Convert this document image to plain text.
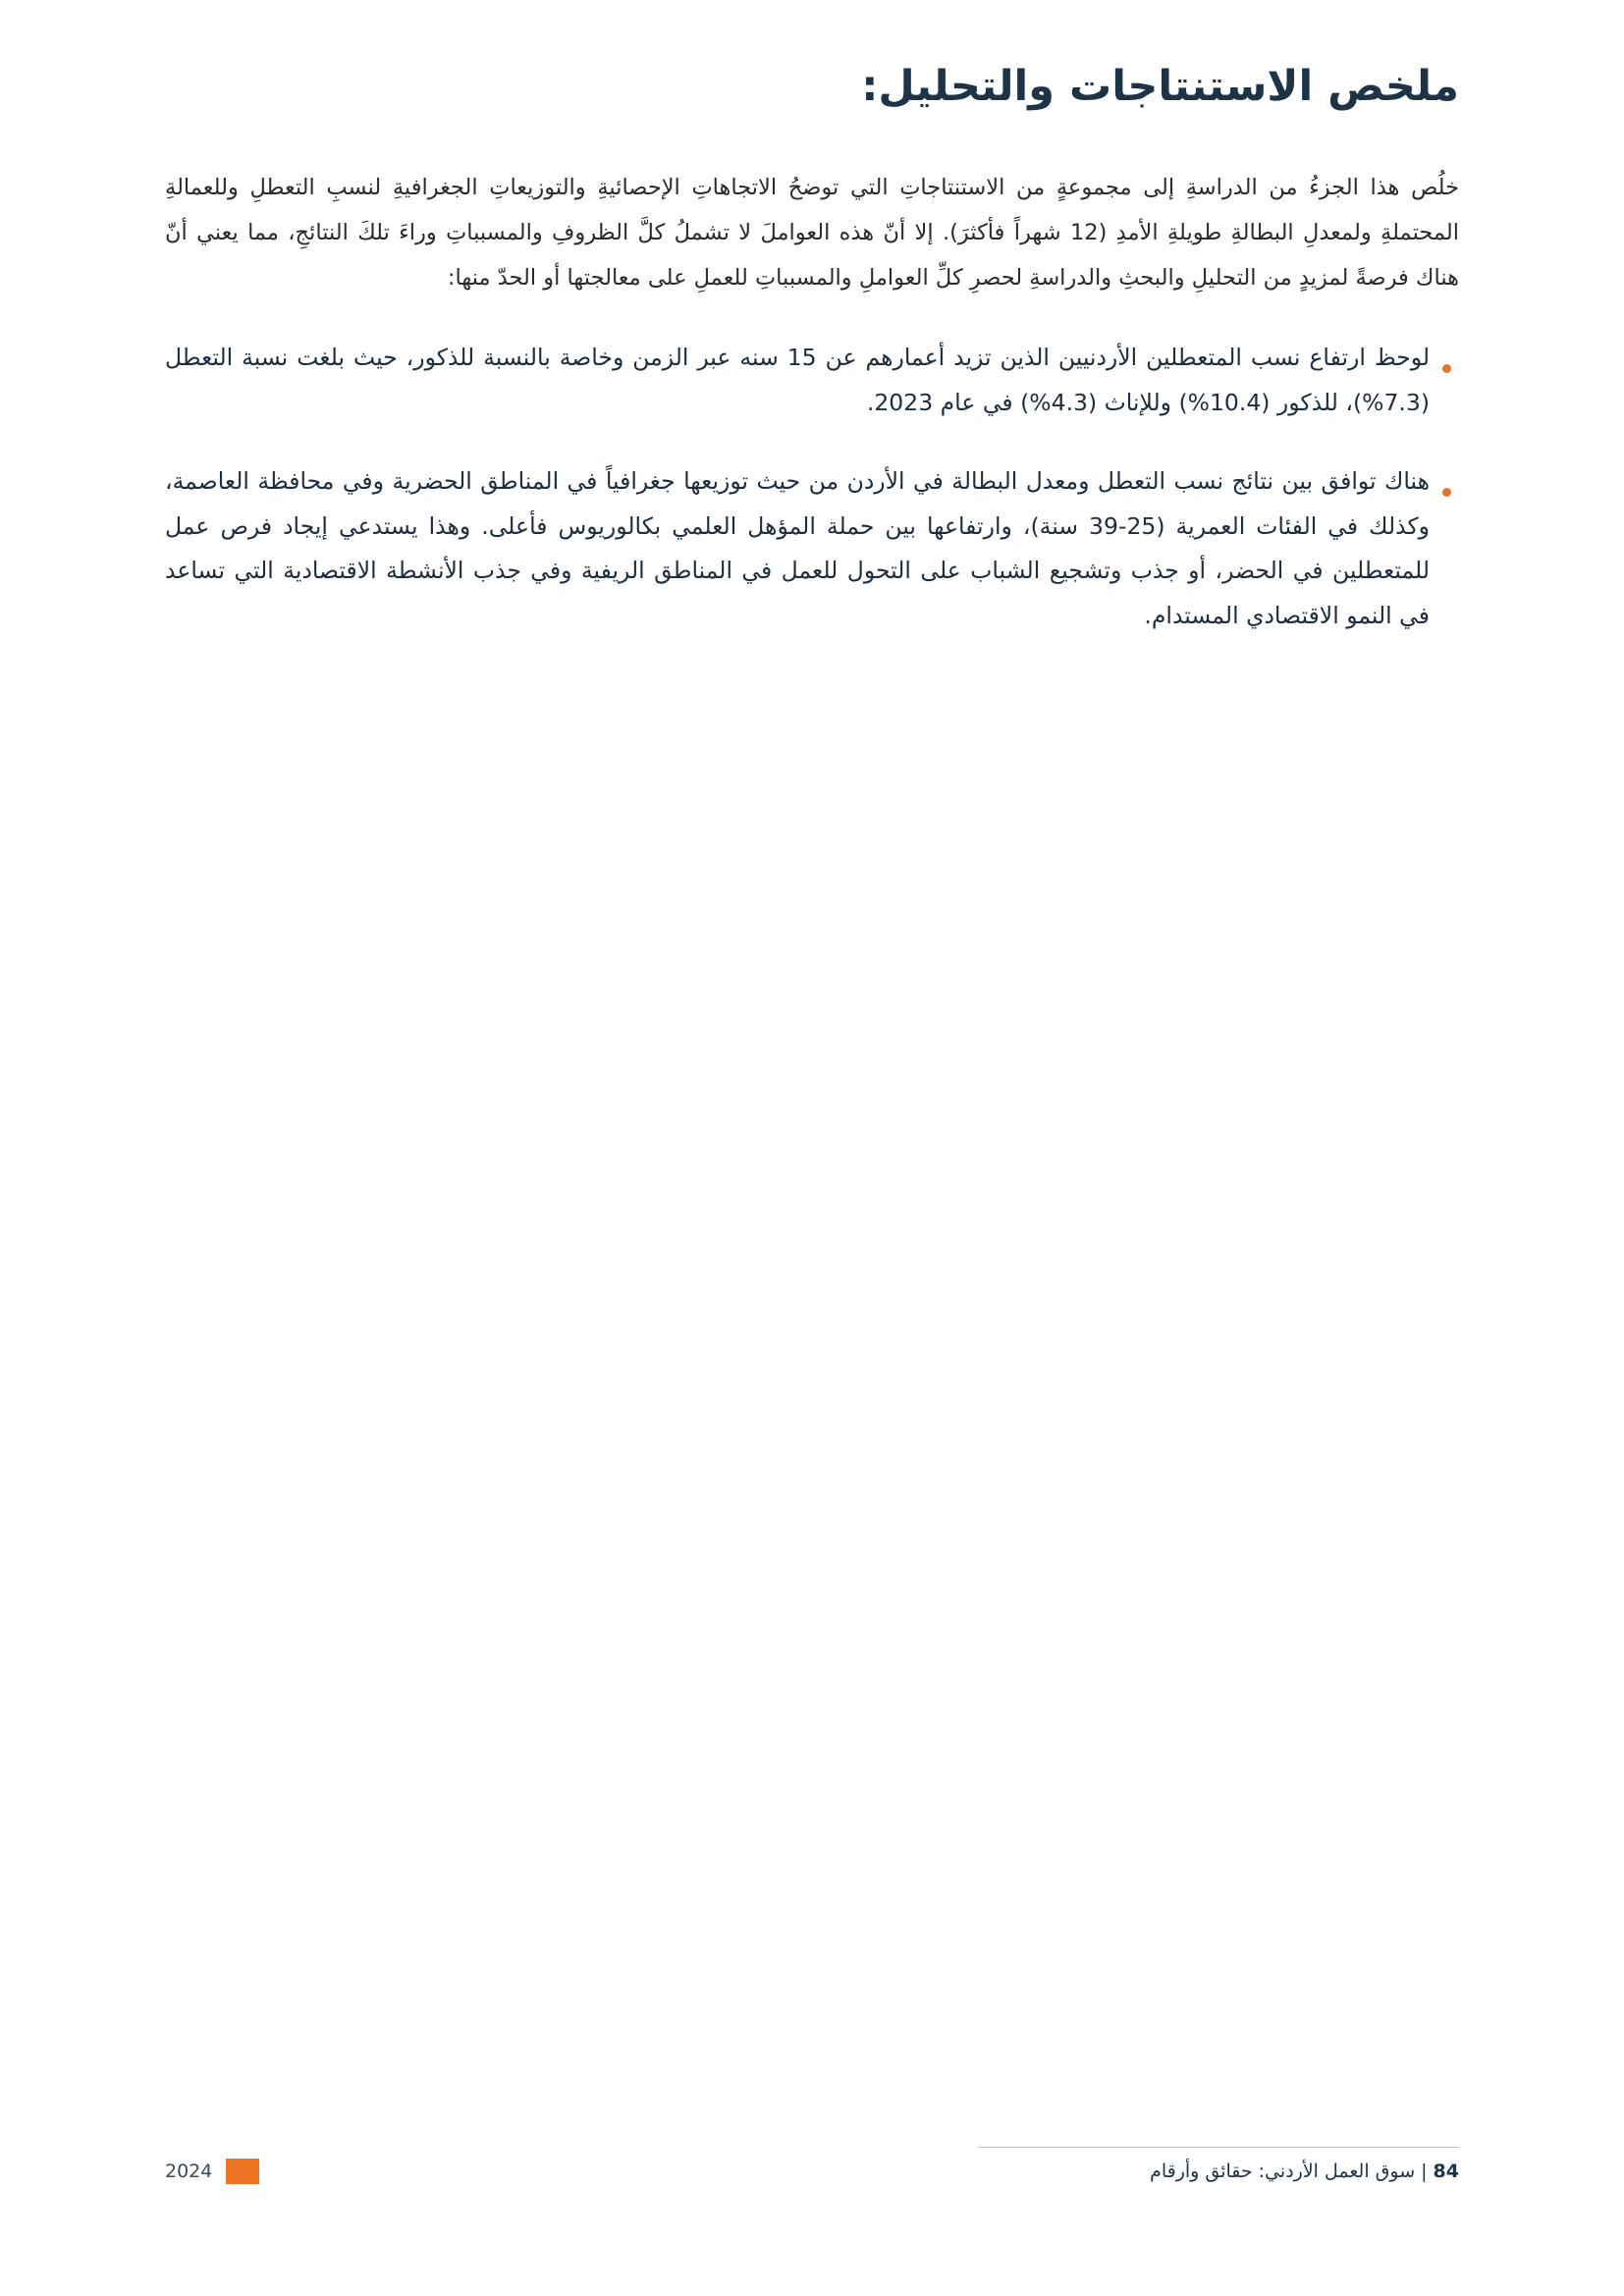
ملخص الاستنتاجات والتحليل:

خلُص هذا الجزءُ من الدراسةِ إلى مجموعةٍ من الاستنتاجاتِ التي توضحُ الاتجاهاتِ الإحصائيةِ والتوزيعاتِ الجغرافيةِ لنسبِ التعطلِ وللعمالةِ المحتملةِ ولمعدلِ البطالةِ طويلةِ الأمدِ (12 شهراً فأكثرَ). إلا أنّ هذه العواملَ لا تشملُ كلَّ الظروفِ والمسبباتِ وراءَ تلكَ النتائجِ، مما يعني أنّ هناك فرصةً لمزيدٍ من التحليلِ والبحثِ والدراسةِ لحصرِ كلِّ العواملِ والمسبباتِ للعملِ على معالجتها أو الحدّ منها:

لوحظ ارتفاع نسب المتعطلين الأردنيين الذين تزيد أعمارهم عن 15 سنه عبر الزمن وخاصة بالنسبة للذكور، حيث بلغت نسبة التعطل (7.3%)، للذكور (10.4%) وللإناث (4.3%) في عام 2023.
هناك توافق بين نتائج نسب التعطل ومعدل البطالة في الأردن من حيث توزيعها جغرافياً في المناطق الحضرية وفي محافظة العاصمة، وكذلك في الفئات العمرية (25-39 سنة)، وارتفاعها بين حملة المؤهل العلمي بكالوريوس فأعلى. وهذا يستدعي إيجاد فرص عمل للمتعطلين في الحضر، أو جذب وتشجيع الشباب على التحول للعمل في المناطق الريفية وفي جذب الأنشطة الاقتصادية التي تساعد في النمو الاقتصادي المستدام.
84|سوق العمل الأردني: حقائق وأرقام
2024
